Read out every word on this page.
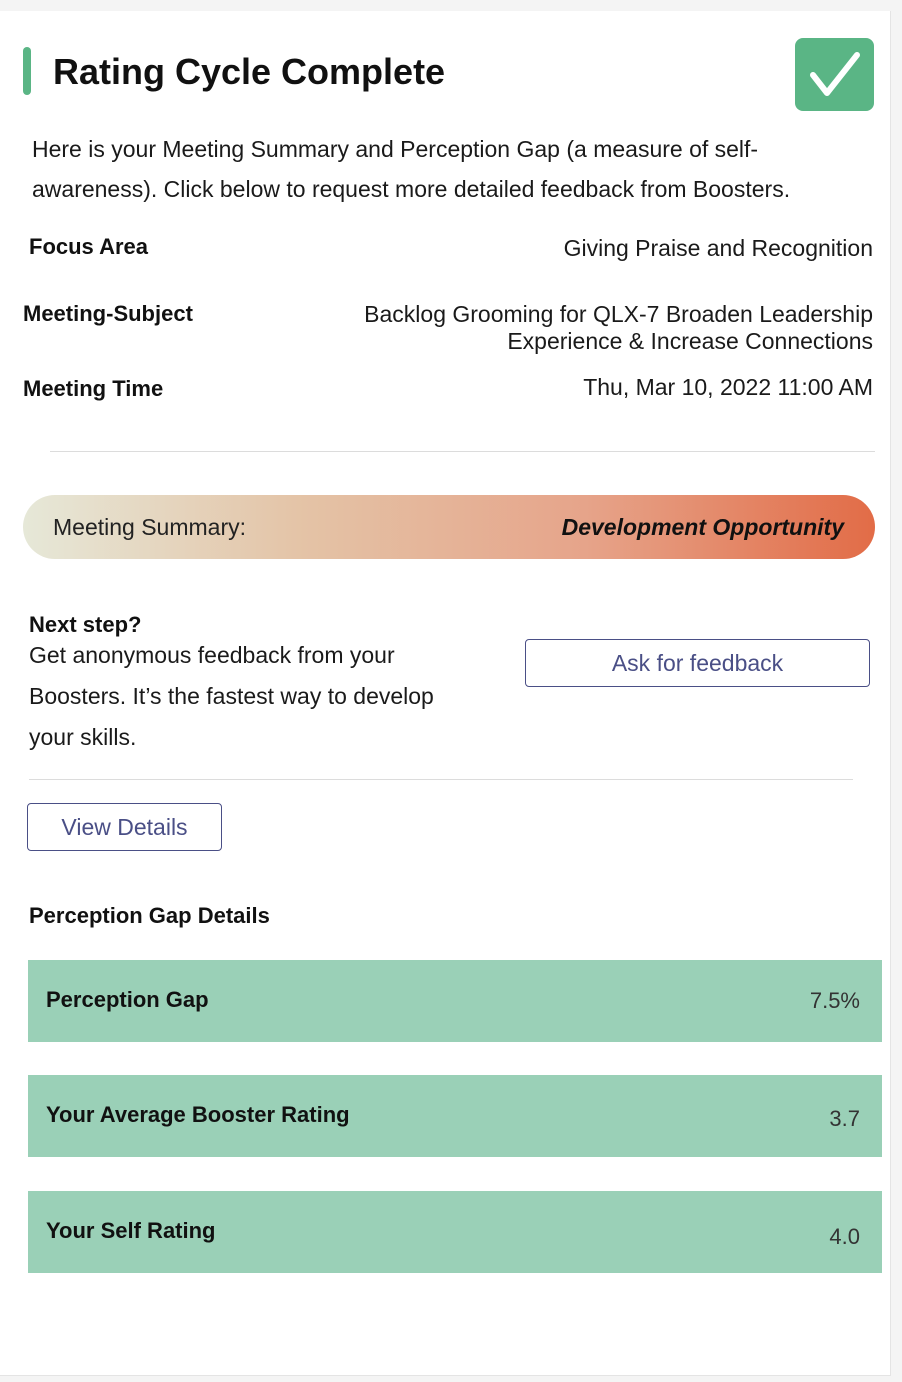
Rating Cycle Complete
Here is your Meeting Summary and Perception Gap (a measure of self-awareness). Click below to request more detailed feedback from Boosters.
Focus Area	Giving Praise and Recognition
Meeting-Subject	Backlog Grooming for QLX-7 Broaden Leadership
Experience & Increase Connections
Meeting Time	Thu, Mar 10, 2022 11:00 AM
Meeting Summary:	Development Opportunity
Next step?
Get anonymous feedback from your Boosters. It’s the fastest way to develop your skills.
Ask for feedback
View Details
Perception Gap Details
Perception Gap	7.5%
Your Average Booster Rating	3.7
Your Self Rating	4.0
